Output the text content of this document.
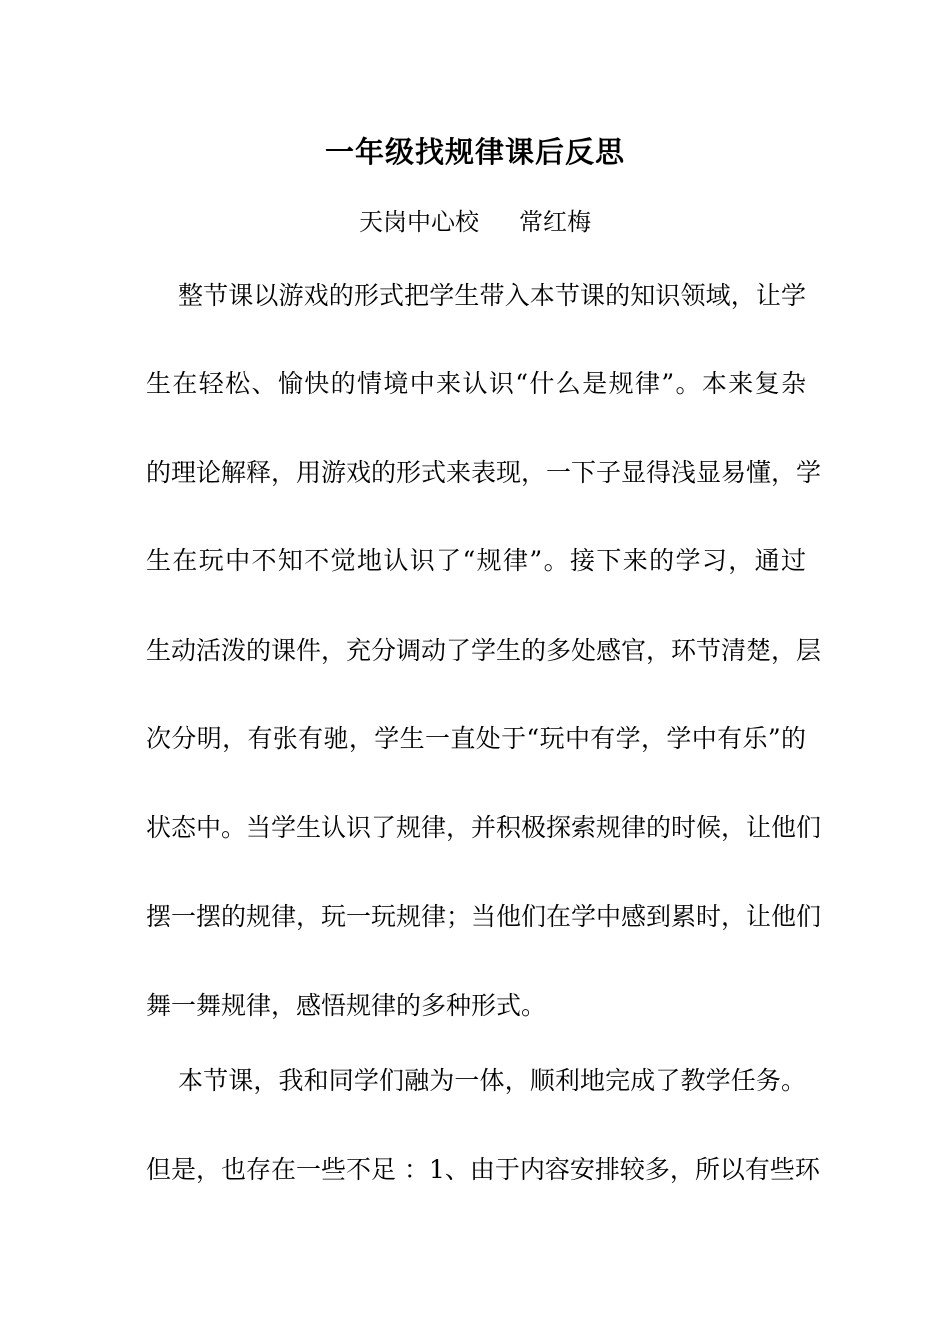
一年级找规律课后反思
天岗中心校 常红梅
整节课以游戏的形式把学生带入本节课的知识领域，让学
生在轻松、愉快的情境中来认识“什么是规律”。本来复杂
的理论解释，用游戏的形式来表现，一下子显得浅显易懂，学
生在玩中不知不觉地认识了“规律”。接下来的学习，通过
生动活泼的课件，充分调动了学生的多处感官，环节清楚，层
次分明，有张有驰，学生一直处于“玩中有学，学中有乐”的
状态中。当学生认识了规律，并积极探索规律的时候，让他们
摆一摆的规律，玩一玩规律；当他们在学中感到累时，让他们
舞一舞规律，感悟规律的多种形式。
本节课，我和同学们融为一体，顺利地完成了教学任务。
但是，也存在一些不足 ：1、由于内容安排较多，所以有些环
